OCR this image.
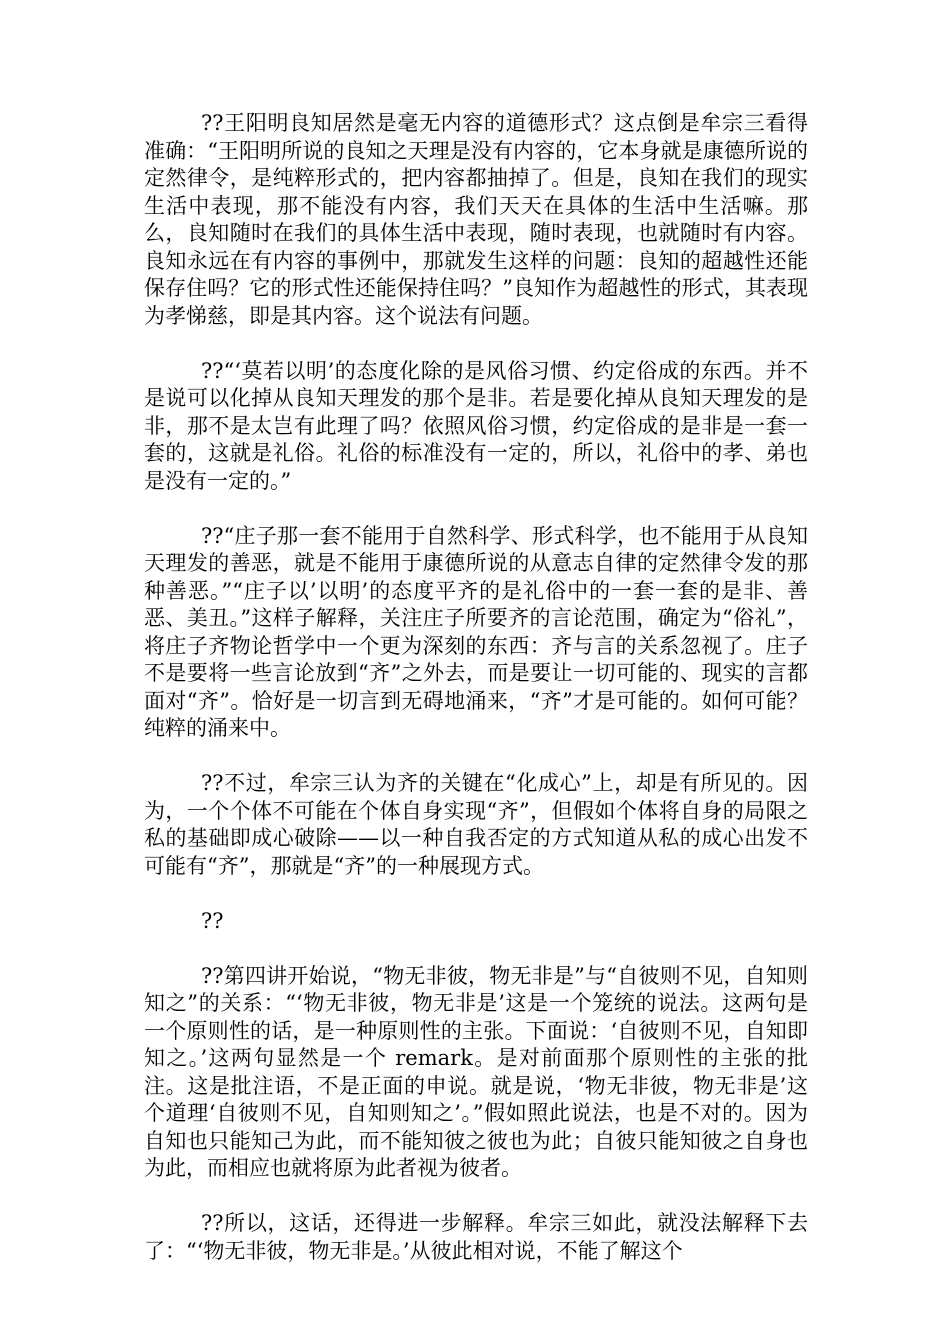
??王阳明良知居然是毫无内容的道德形式？这点倒是牟宗三看得准确：“王阳明所说的良知之天理是没有内容的，它本身就是康德所说的定然律令，是纯粹形式的，把内容都抽掉了。但是，良知在我们的现实生活中表现，那不能没有内容，我们天天在具体的生活中生活嘛。那么，良知随时在我们的具体生活中表现，随时表现，也就随时有内容。良知永远在有内容的事例中，那就发生这样的问题：良知的超越性还能保存住吗？它的形式性还能保持住吗？”良知作为超越性的形式，其表现为孝悌慈，即是其内容。这个说法有问题。

??“‘莫若以明’的态度化除的是风俗习惯、约定俗成的东西。并不是说可以化掉从良知天理发的那个是非。若是要化掉从良知天理发的是非，那不是太岂有此理了吗？依照风俗习惯，约定俗成的是非是一套一套的，这就是礼俗。礼俗的标准没有一定的，所以，礼俗中的孝、弟也是没有一定的。”

??“庄子那一套不能用于自然科学、形式科学，也不能用于从良知天理发的善恶，就是不能用于康德所说的从意志自律的定然律令发的那种善恶。”“庄子以’以明’的态度平齐的是礼俗中的一套一套的是非、善恶、美丑。”这样子解释，关注庄子所要齐的言论范围，确定为“俗礼”，将庄子齐物论哲学中一个更为深刻的东西：齐与言的关系忽视了。庄子不是要将一些言论放到“齐”之外去，而是要让一切可能的、现实的言都面对“齐”。恰好是一切言到无碍地涌来，“齐”才是可能的。如何可能？纯粹的涌来中。

??不过，牟宗三认为齐的关键在“化成心”上，却是有所见的。因为，一个个体不可能在个体自身实现“齐”，但假如个体将自身的局限之私的基础即成心破除——以一种自我否定的方式知道从私的成心出发不可能有“齐”，那就是“齐”的一种展现方式。

??

??第四讲开始说，“物无非彼，物无非是”与“自彼则不见，自知则知之”的关系：“‘物无非彼，物无非是’这是一个笼统的说法。这两句是一个原则性的话，是一种原则性的主张。下面说：‘自彼则不见，自知即知之。’这两句显然是一个 remark。是对前面那个原则性的主张的批注。这是批注语，不是正面的申说。就是说，‘物无非彼，物无非是’这个道理‘自彼则不见，自知则知之’。”假如照此说法，也是不对的。因为自知也只能知己为此，而不能知彼之彼也为此；自彼只能知彼之自身也为此，而相应也就将原为此者视为彼者。

??所以，这话，还得进一步解释。牟宗三如此，就没法解释下去了：“‘物无非彼，物无非是。’从彼此相对说，不能了解这个
